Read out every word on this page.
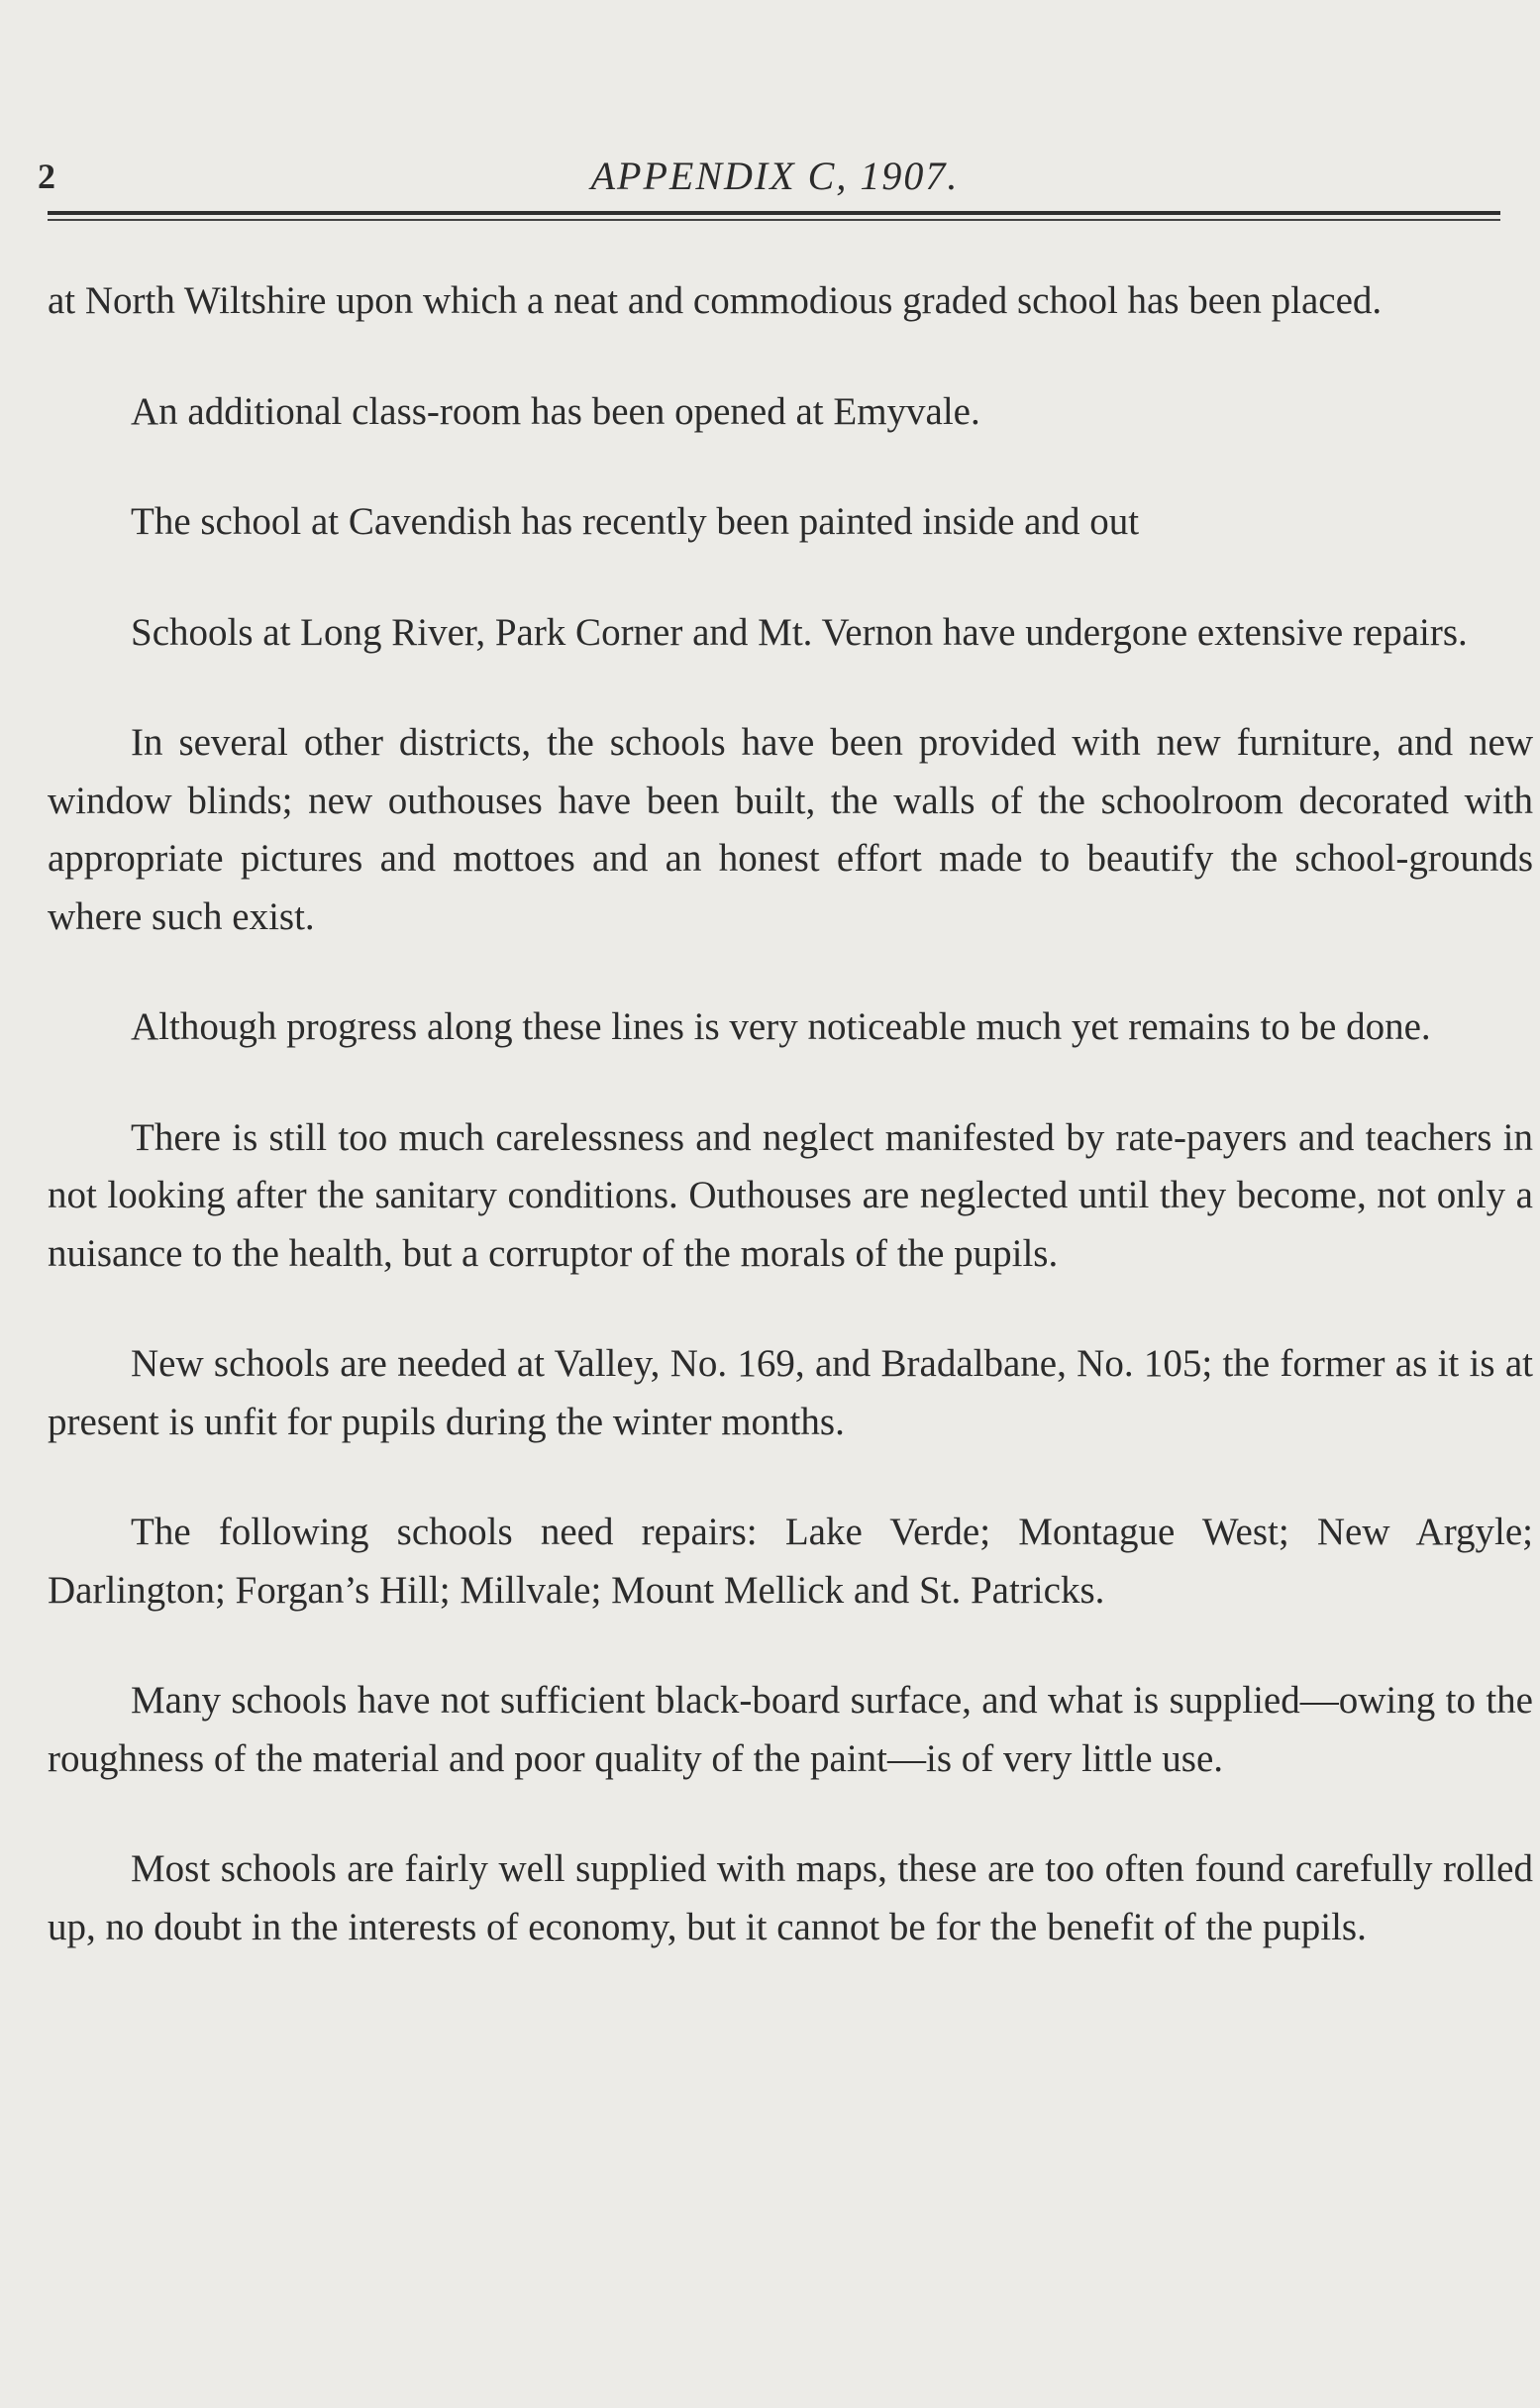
2	APPENDIX C, 1907.

at North Wiltshire upon which a neat and commodious graded school has been placed.

An additional class-room has been opened at Emyvale.

The school at Cavendish has recently been painted inside and out

Schools at Long River, Park Corner and Mt. Vernon have undergone extensive repairs.

In several other districts, the schools have been provided with new furniture, and new window blinds; new outhouses have been built, the walls of the schoolroom decorated with appropriate pictures and mottoes and an honest effort made to beautify the school-grounds where such exist.

Although progress along these lines is very noticeable much yet remains to be done.

There is still too much carelessness and neglect manifested by rate-payers and teachers in not looking after the sanitary conditions. Outhouses are neglected until they become, not only a nuisance to the health, but a corruptor of the morals of the pupils.

New schools are needed at Valley, No. 169, and Bradalbane, No. 105; the former as it is at present is unfit for pupils during the winter months.

The following schools need repairs: Lake Verde; Montague West; New Argyle; Darlington; Forgan’s Hill; Millvale; Mount Mellick and St. Patricks.

Many schools have not sufficient black-board surface, and what is supplied—owing to the roughness of the material and poor quality of the paint—is of very little use.

Most schools are fairly well supplied with maps, these are too often found carefully rolled up, no doubt in the interests of economy, but it cannot be for the benefit of the pupils.
